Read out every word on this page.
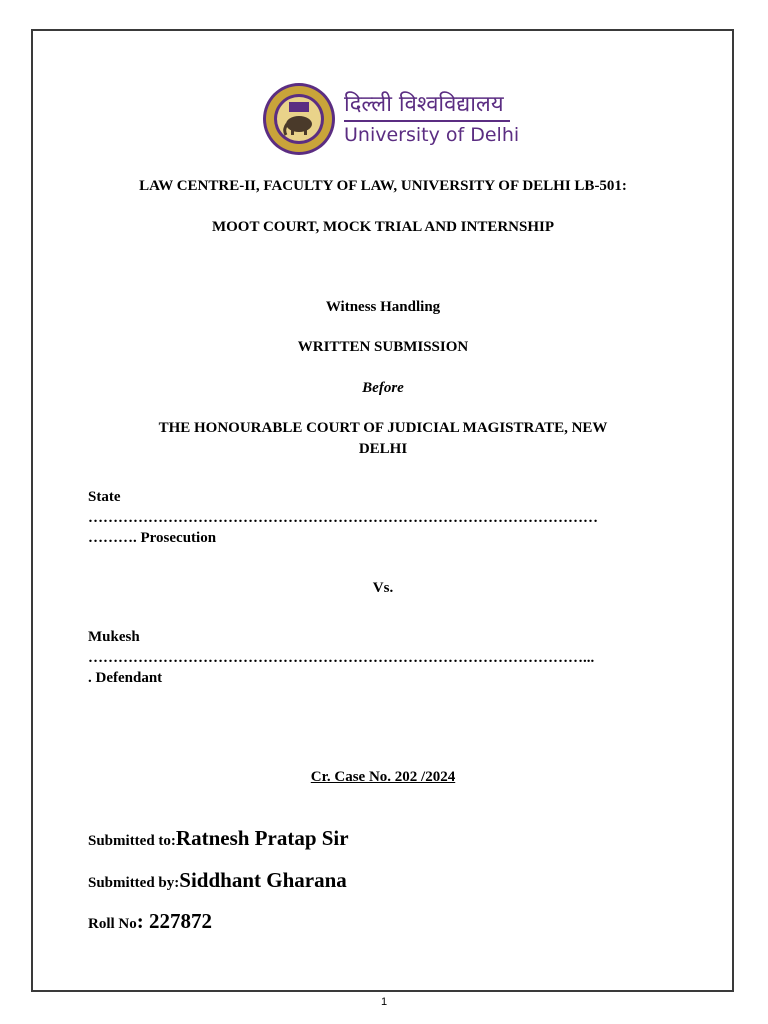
दिल्ली विश्वविद्यालय
University of Delhi
LAW CENTRE-II, FACULTY OF LAW, UNIVERSITY OF DELHI LB-501:
MOOT COURT, MOCK TRIAL AND INTERNSHIP
Witness Handling
WRITTEN SUBMISSION
Before
THE HONOURABLE COURT OF JUDICIAL MAGISTRATE, NEW
DELHI
State
…………………………………………………………………………………………
………. Prosecution
Vs.
Mukesh
………………………………………………………………………………………...
. Defendant
Cr. Case No. 202 /2024
Submitted to:Ratnesh Pratap Sir
Submitted by:Siddhant Gharana
Roll No: 227872
1
